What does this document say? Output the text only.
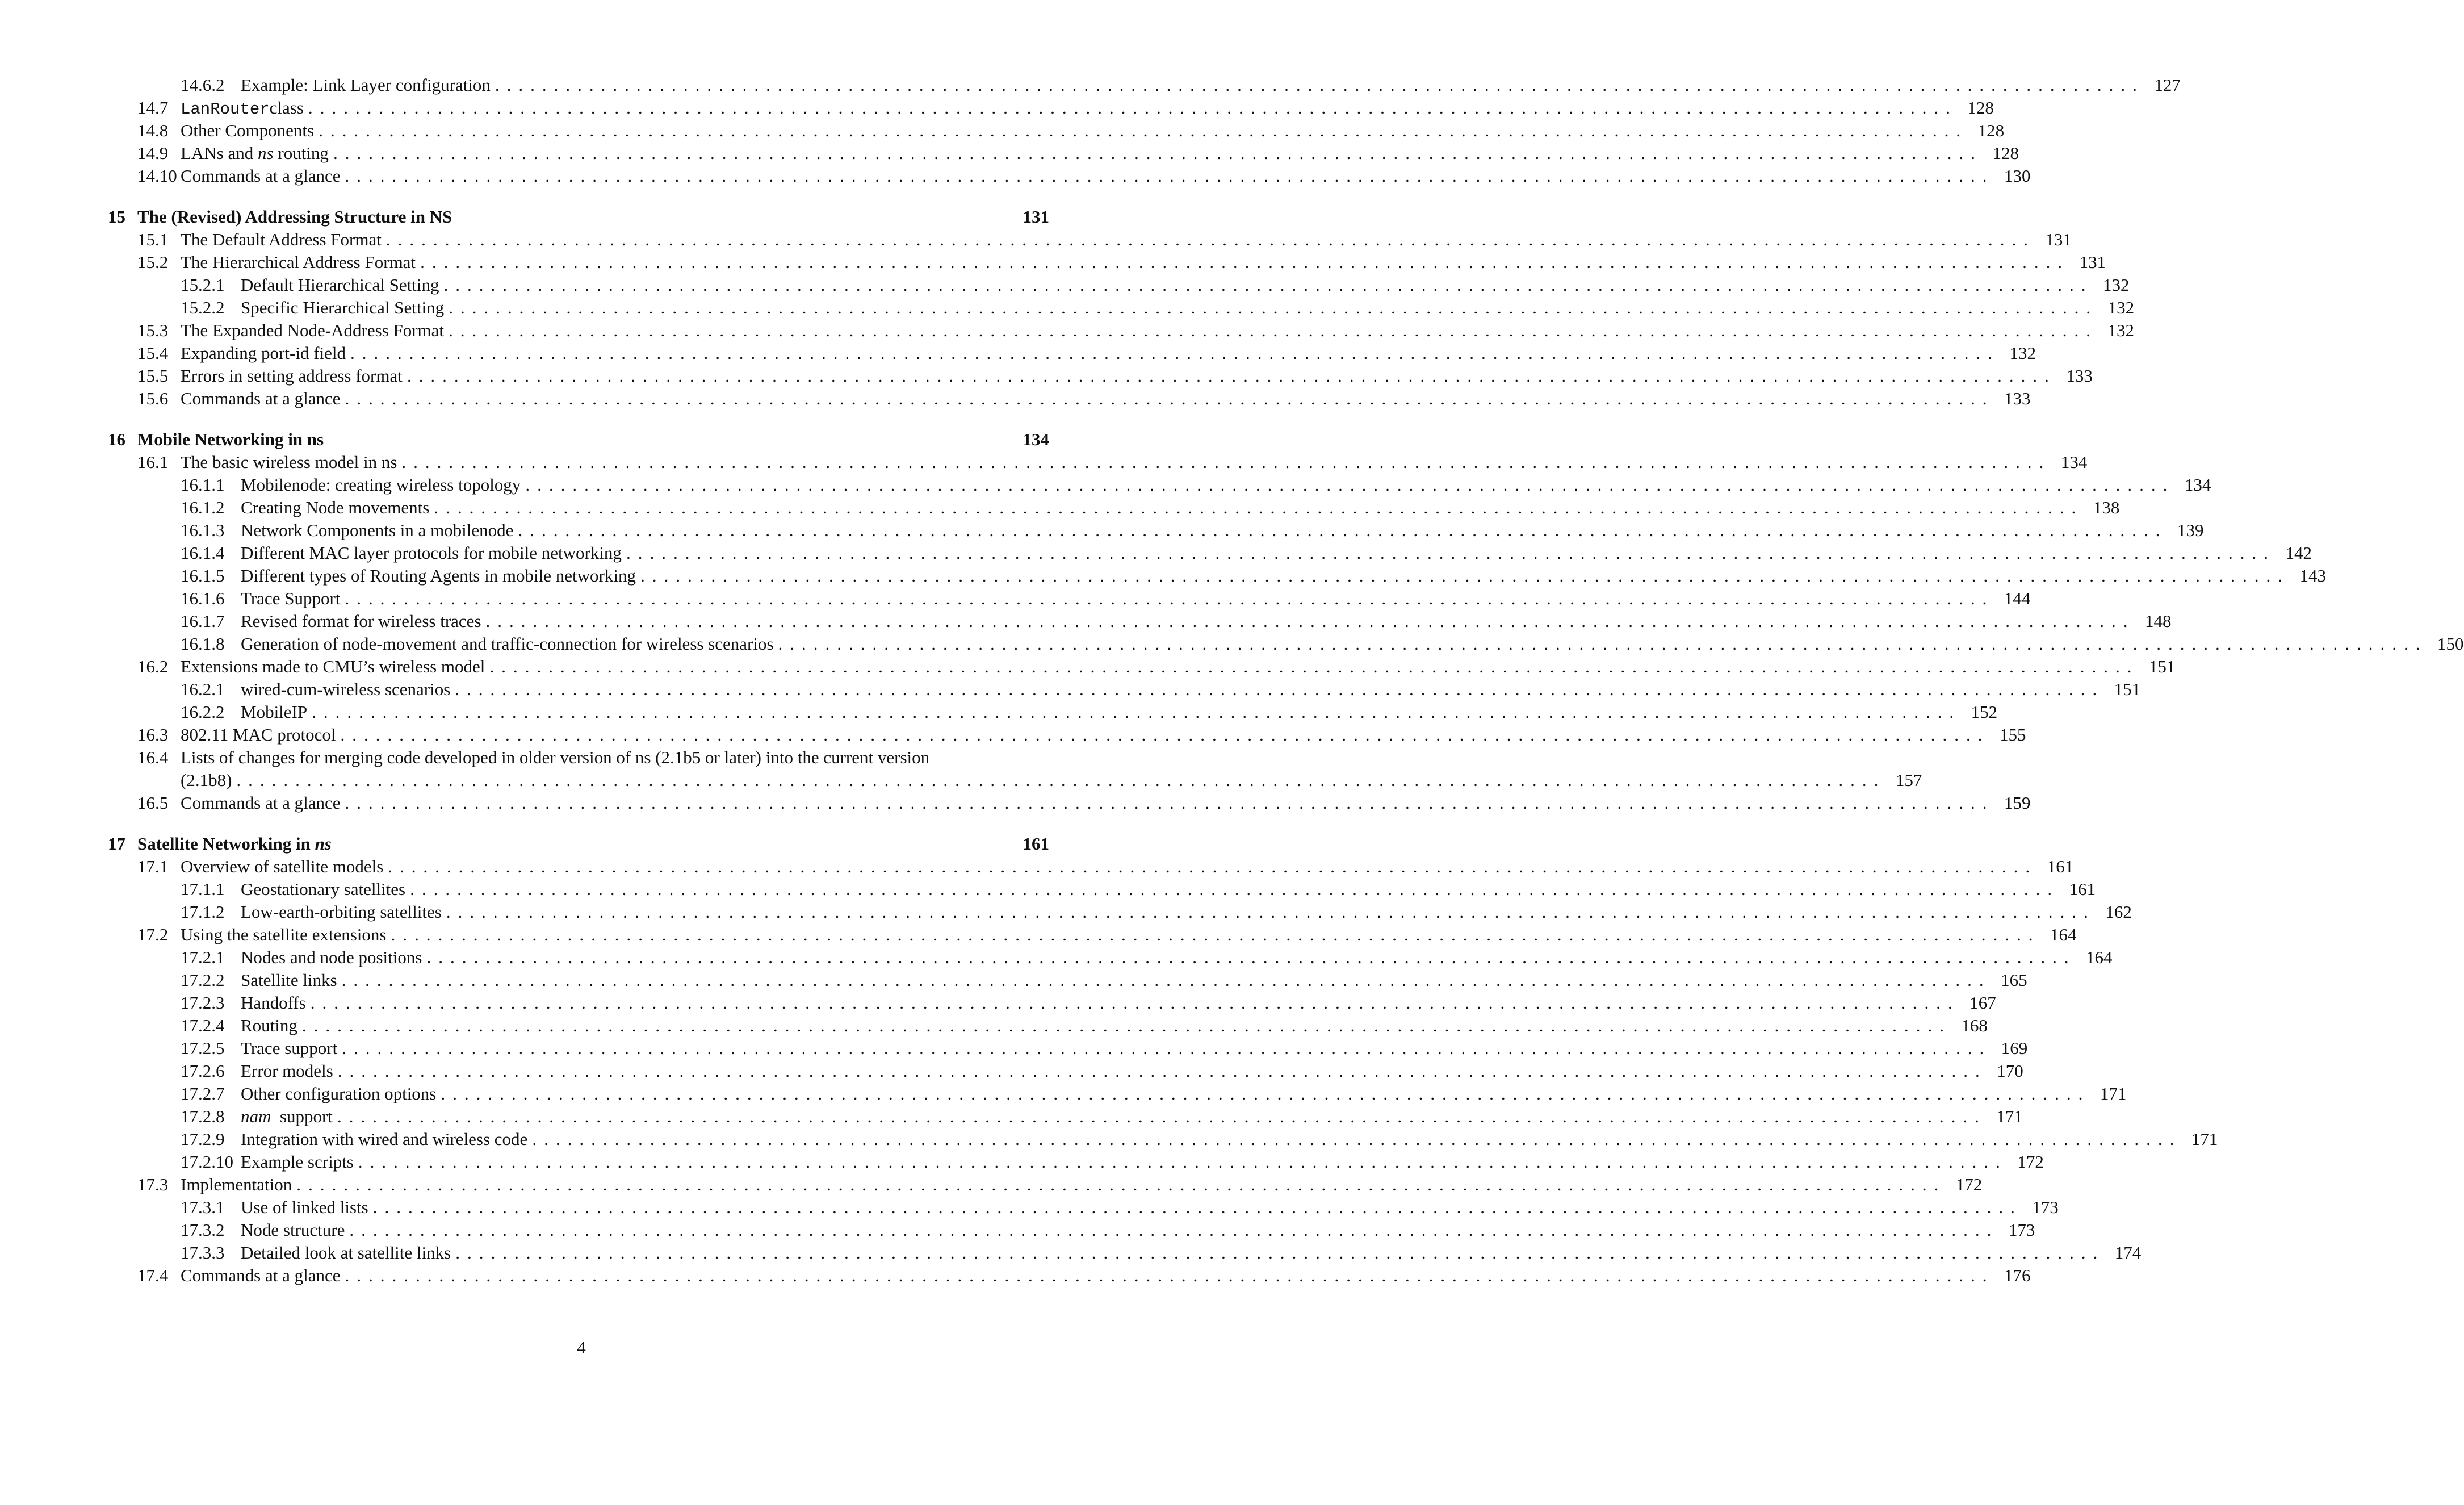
14.6.2 Example: Link Layer configuration ............................................................................................................................................ 127
14.7 LanRouterclass ............................................................................................................................................ 128
14.8 Other Components ............................................................................................................................................ 128
14.9 LANs and ns routing ............................................................................................................................................ 128
14.10 Commands at a glance ............................................................................................................................................ 130
15 The (Revised) Addressing Structure in NS	131
15.1 The Default Address Format ............................................................................................................................................ 131
15.2 The Hierarchical Address Format ............................................................................................................................................ 131
15.2.1 Default Hierarchical Setting ............................................................................................................................................ 132
15.2.2 Specific Hierarchical Setting ............................................................................................................................................ 132
15.3 The Expanded Node-Address Format ............................................................................................................................................ 132
15.4 Expanding port-id field ............................................................................................................................................ 132
15.5 Errors in setting address format ............................................................................................................................................ 133
15.6 Commands at a glance ............................................................................................................................................ 133
16 Mobile Networking in ns	134
16.1 The basic wireless model in ns ............................................................................................................................................ 134
16.1.1 Mobilenode: creating wireless topology ............................................................................................................................................ 134
16.1.2 Creating Node movements ............................................................................................................................................ 138
16.1.3 Network Components in a mobilenode ............................................................................................................................................ 139
16.1.4 Different MAC layer protocols for mobile networking ............................................................................................................................................ 142
16.1.5 Different types of Routing Agents in mobile networking ............................................................................................................................................ 143
16.1.6 Trace Support ............................................................................................................................................ 144
16.1.7 Revised format for wireless traces ............................................................................................................................................ 148
16.1.8 Generation of node-movement and traffic-connection for wireless scenarios ............................................................................................................................................ 150
16.2 Extensions made to CMU’s wireless model ............................................................................................................................................ 151
16.2.1 wired-cum-wireless scenarios ............................................................................................................................................ 151
16.2.2 MobileIP ............................................................................................................................................ 152
16.3 802.11 MAC protocol ............................................................................................................................................ 155
16.4 Lists of changes for merging code developed in older version of ns (2.1b5 or later) into the current version
(2.1b8) ............................................................................................................................................ 157
16.5 Commands at a glance ............................................................................................................................................ 159
17 Satellite Networking in ns	161
17.1 Overview of satellite models ............................................................................................................................................ 161
17.1.1 Geostationary satellites ............................................................................................................................................ 161
17.1.2 Low-earth-orbiting satellites ............................................................................................................................................ 162
17.2 Using the satellite extensions ............................................................................................................................................ 164
17.2.1 Nodes and node positions ............................................................................................................................................ 164
17.2.2 Satellite links ............................................................................................................................................ 165
17.2.3 Handoffs ............................................................................................................................................ 167
17.2.4 Routing ............................................................................................................................................ 168
17.2.5 Trace support ............................................................................................................................................ 169
17.2.6 Error models ............................................................................................................................................ 170
17.2.7 Other configuration options ............................................................................................................................................ 171
17.2.8 nam  support ............................................................................................................................................ 171
17.2.9 Integration with wired and wireless code ............................................................................................................................................ 171
17.2.10 Example scripts ............................................................................................................................................ 172
17.3 Implementation ............................................................................................................................................ 172
17.3.1 Use of linked lists ............................................................................................................................................ 173
17.3.2 Node structure ............................................................................................................................................ 173
17.3.3 Detailed look at satellite links ............................................................................................................................................ 174
17.4 Commands at a glance ............................................................................................................................................ 176
4
